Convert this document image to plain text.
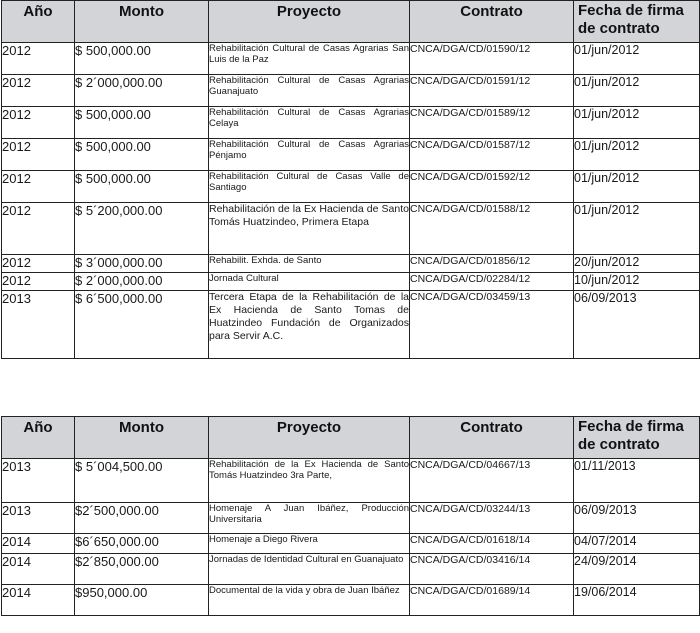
Año	Monto	Proyecto	Contrato	Fecha de firma
de contrato

2012	$ 500,000.00	Rehabilitación Cultural de Casas Agrarias San Luis de la Paz	CNCA/DGA/CD/01590/12	01/jun/2012
2012	$ 2´000,000.00	Rehabilitación Cultural de Casas Agrarias Guanajuato	CNCA/DGA/CD/01591/12	01/jun/2012
2012	$ 500,000.00	Rehabilitación Cultural de Casas Agrarias Celaya	CNCA/DGA/CD/01589/12	01/jun/2012
2012	$ 500,000.00	Rehabilitación Cultural de Casas Agrarias Pénjamo	CNCA/DGA/CD/01587/12	01/jun/2012
2012	$ 500,000.00	Rehabilitación Cultural de Casas Valle de Santiago	CNCA/DGA/CD/01592/12	01/jun/2012
2012	$ 5´200,000.00	Rehabilitación de la Ex Hacienda de Santo Tomás Huatzindeo, Primera Etapa	CNCA/DGA/CD/01588/12	01/jun/2012
2012	$ 3´000,000.00	Rehabilit. Exhda. de Santo	CNCA/DGA/CD/01856/12	20/jun/2012
2012	$ 2´000,000.00	Jornada Cultural	CNCA/DGA/CD/02284/12	10/jun/2012
2013	$ 6´500,000.00	Tercera Etapa de la Rehabilitación de la Ex Hacienda de Santo Tomas de Huatzindeo Fundación de Organizados para Servir A.C.	CNCA/DGA/CD/03459/13	06/09/2013
Año	Monto	Proyecto	Contrato	Fecha de firma
de contrato

2013	$ 5´004,500.00	Rehabilitación de la Ex Hacienda de Santo Tomás Huatzindeo 3ra Parte,	CNCA/DGA/CD/04667/13	01/11/2013
2013	$2´500,000.00	Homenaje A Juan Ibáñez, Producción Universitaria	CNCA/DGA/CD/03244/13	06/09/2013
2014	$6´650,000.00	Homenaje a Diego Rivera	CNCA/DGA/CD/01618/14	04/07/2014
2014	$2´850,000.00	Jornadas de Identidad Cultural en Guanajuato	CNCA/DGA/CD/03416/14	24/09/2014
2014	$950,000.00	Documental de la vida y obra de Juan Ibáñez	CNCA/DGA/CD/01689/14	19/06/2014
